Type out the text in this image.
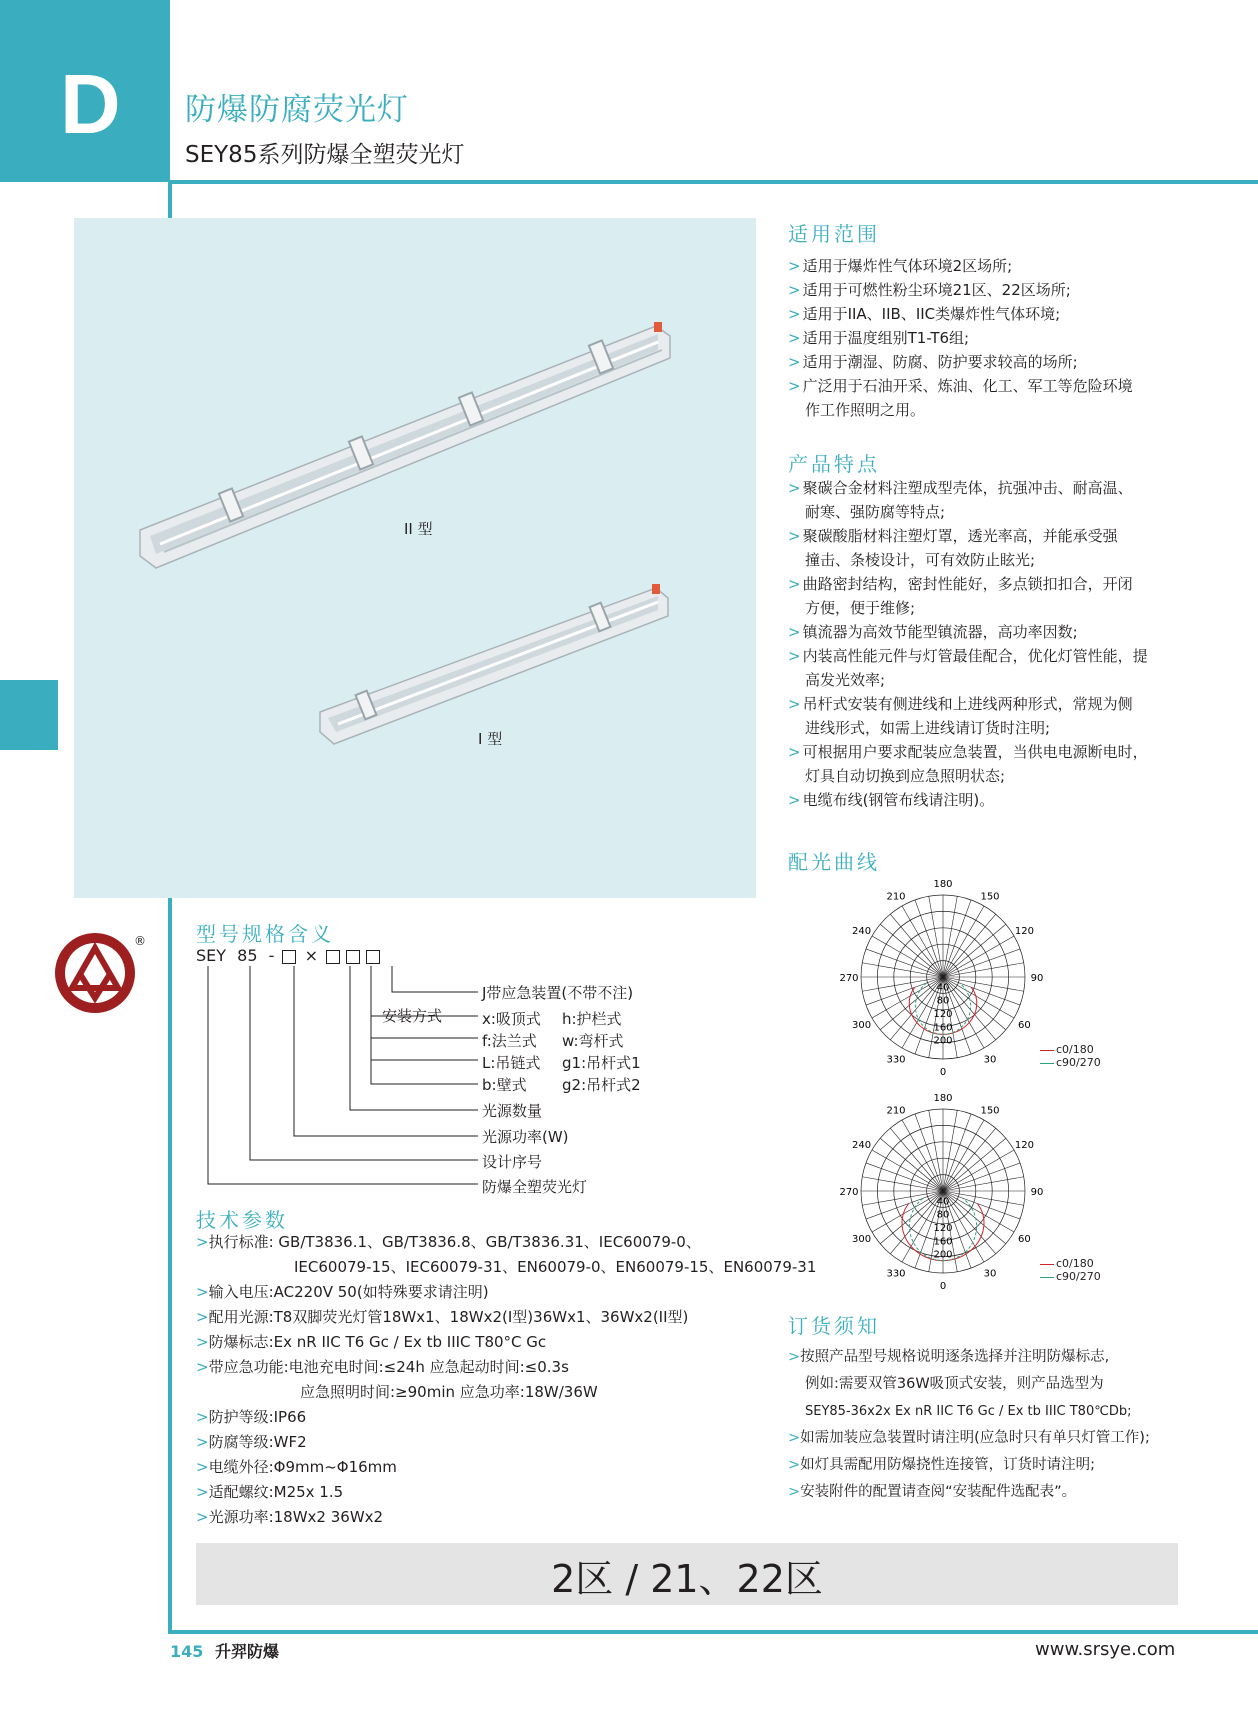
D 防爆防腐荧光灯
SEY85系列防爆全塑荧光灯
II 型
I 型
适用范围
> 适用于爆炸性气体环境2区场所;
> 适用于可燃性粉尘环境21区、22区场所;
> 适用于IIA、IIB、IIC类爆炸性气体环境;
> 适用于温度组别T1-T6组;
> 适用于潮湿、防腐、防护要求较高的场所;
> 广泛用于石油开采、炼油、化工、军工等危险环境
作工作照明之用。
产品特点
> 聚碳合金材料注塑成型壳体，抗强冲击、耐高温、
耐寒、强防腐等特点;
> 聚碳酸脂材料注塑灯罩，透光率高，并能承受强
撞击、条棱设计，可有效防止眩光;
> 曲路密封结构，密封性能好，多点锁扣扣合，开闭
方便，便于维修;
> 镇流器为高效节能型镇流器，高功率因数;
> 内装高性能元件与灯管最佳配合，优化灯管性能，提
高发光效率;
> 吊杆式安装有侧进线和上进线两种形式，常规为侧
进线形式，如需上进线请订货时注明;
> 可根据用户要求配装应急装置，当供电电源断电时，
灯具自动切换到应急照明状态;
> 电缆布线(钢管布线请注明)。
配光曲线
180
150
120
90
60
30
0
330
300
270
240
210
40
80
120
160
200
180
150
120
90
60
30
0
330
300
270
240
210
40
80
120
160
200
c0/180
c90/270
c0/180
c90/270
®	型号规格含义
SEY 85 - ×
J带应急装置(不带不注)
安装方式	x:吸顶式 h:护栏式
f:法兰式 w:弯杆式
L:吊链式 g1:吊杆式1
b:壁式 g2:吊杆式2
光源数量
光源功率(W)
设计序号
防爆全塑荧光灯
技术参数
>执行标准: GB/T3836.1、GB/T3836.8、GB/T3836.31、IEC60079-0、
IEC60079-15、IEC60079-31、EN60079-0、EN60079-15、EN60079-31
>输入电压:AC220V 50(如特殊要求请注明)
>配用光源:T8双脚荧光灯管18Wx1、18Wx2(I型)36Wx1、36Wx2(II型)
>防爆标志:Ex nR IIC T6 Gc / Ex tb IIIC T80°C Gc
>带应急功能:电池充电时间:≤24h 应急起动时间:≤0.3s
应急照明时间:≥90min 应急功率:18W/36W
>防护等级:IP66
>防腐等级:WF2
>电缆外径:Φ9mm~Φ16mm
>适配螺纹:M25x 1.5
>光源功率:18Wx2 36Wx2
订货须知
>按照产品型号规格说明逐条选择并注明防爆标志,
例如:需要双管36W吸顶式安装，则产品选型为
SEY85-36x2x Ex nR IIC T6 Gc / Ex tb IIIC T80℃Db;
>如需加装应急装置时请注明(应急时只有单只灯管工作);
>如灯具需配用防爆挠性连接管，订货时请注明;
>安装附件的配置请查阅“安装配件选配表”。
2区 / 21、22区
145 升羿防爆	www.srsye.com
